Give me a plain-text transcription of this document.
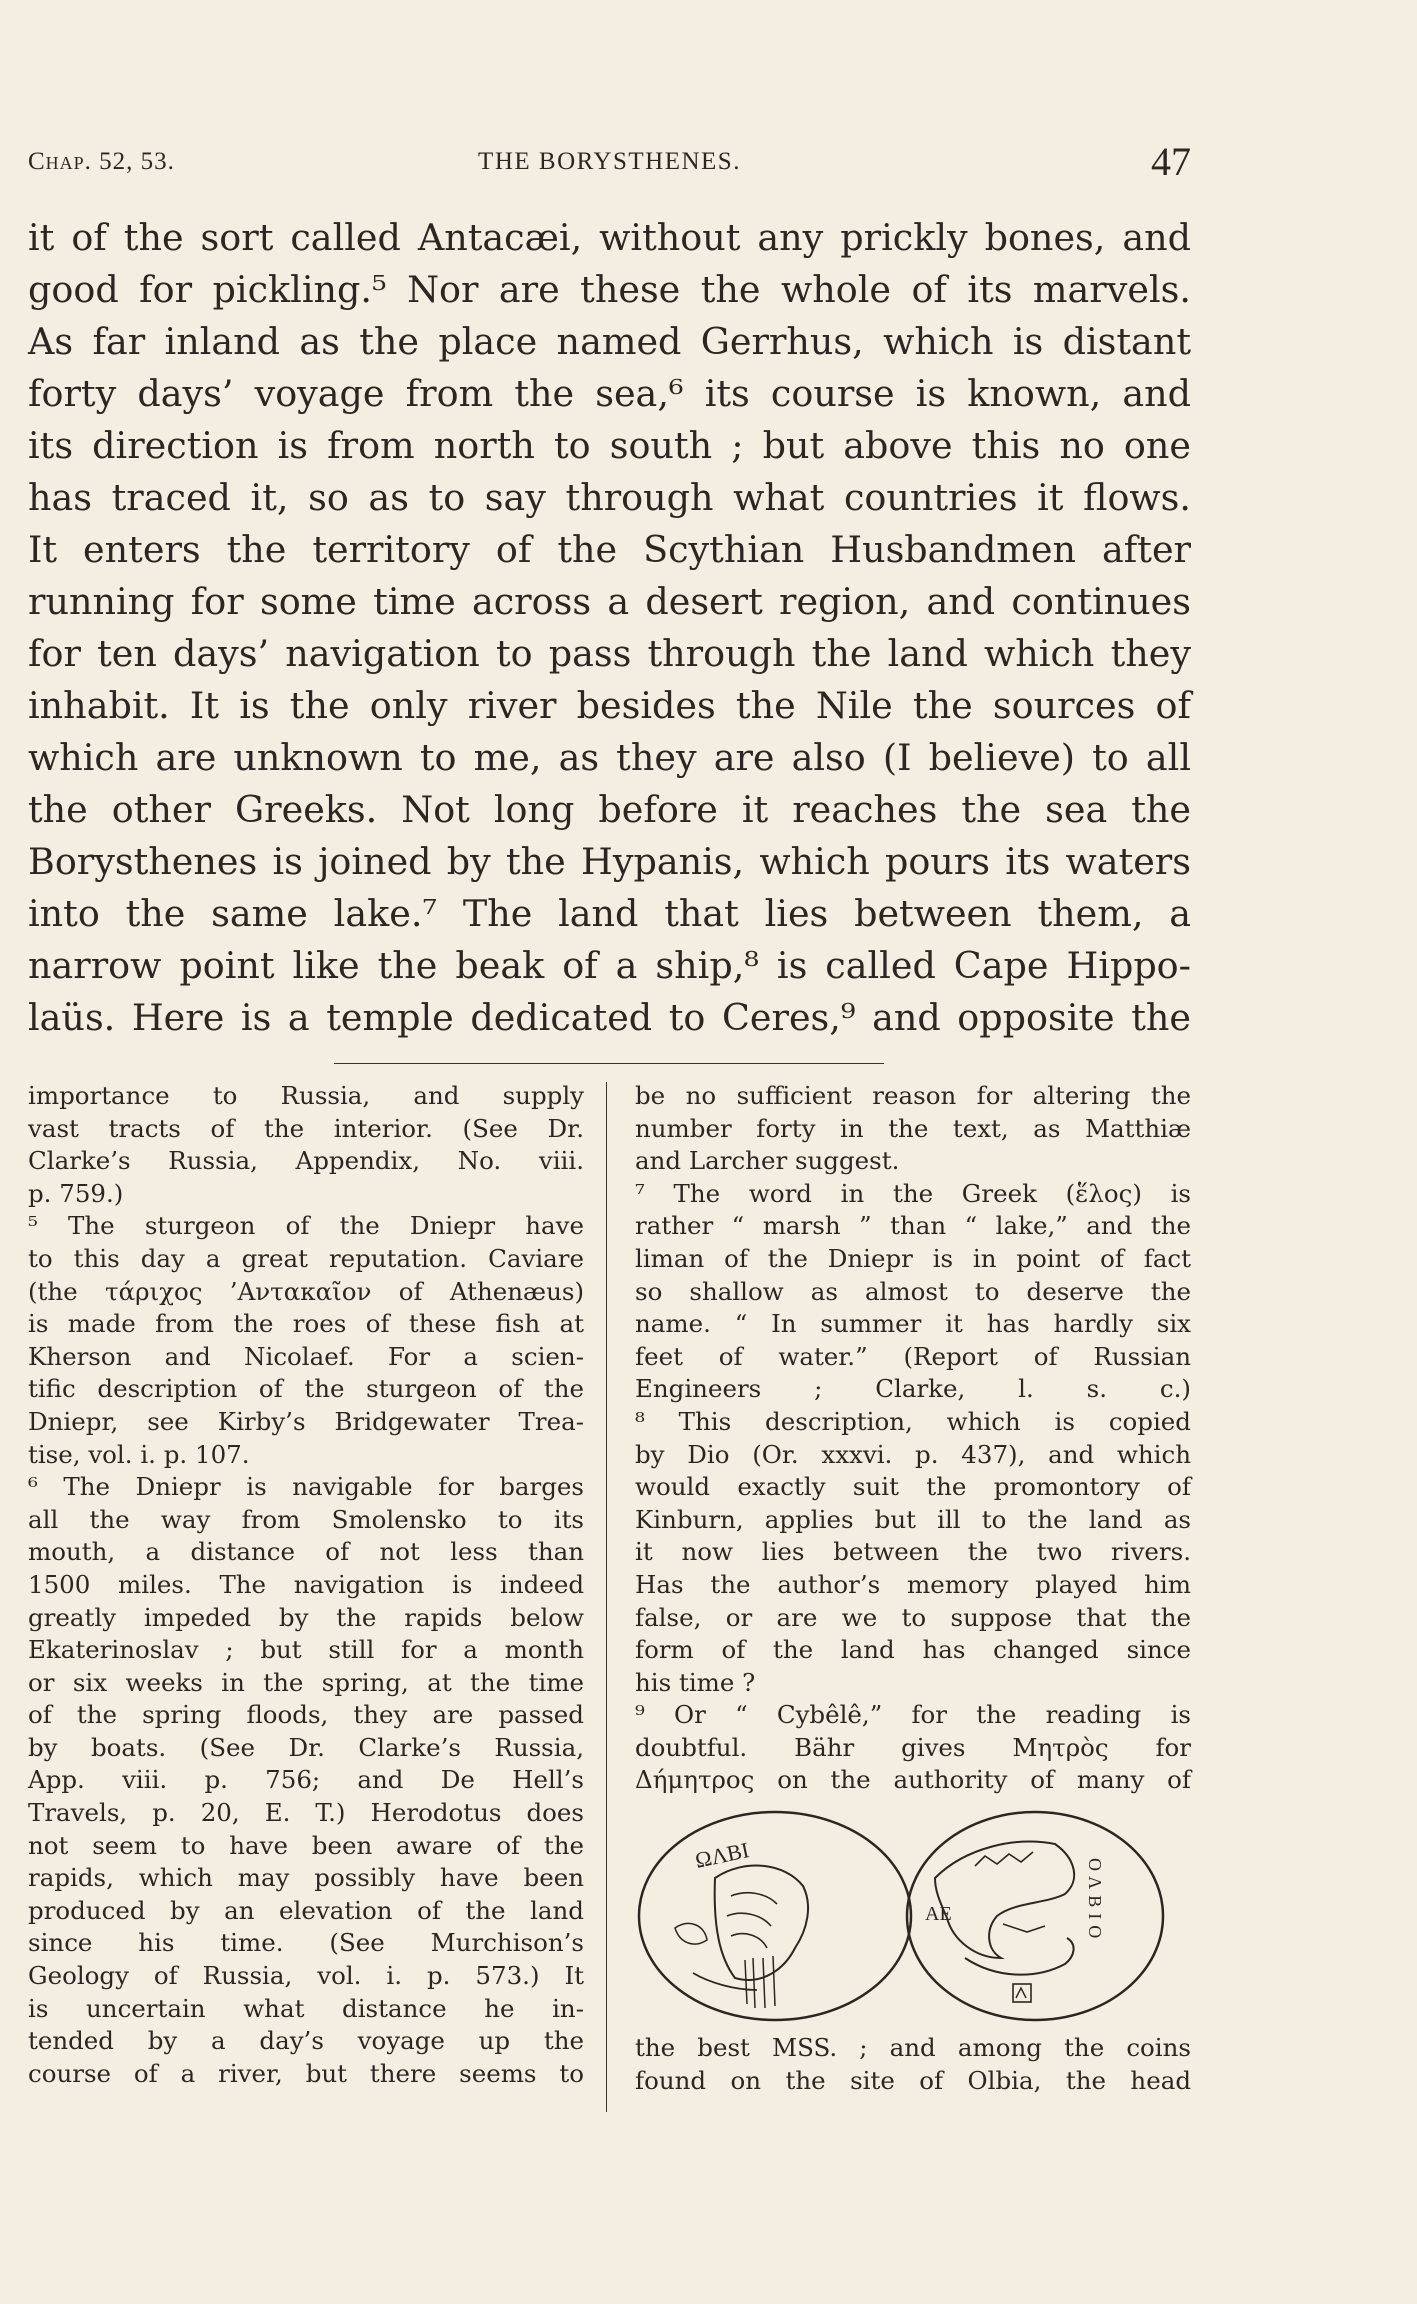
Chap. 52, 53.	THE BORYSTHENES.	47
it of the sort called Antacæi, without any prickly bones, and
good for pickling.⁵ Nor are these the whole of its marvels.
As far inland as the place named Gerrhus, which is distant
forty days’ voyage from the sea,⁶ its course is known, and
its direction is from north to south ; but above this no one
has traced it, so as to say through what countries it flows.
It enters the territory of the Scythian Husbandmen after
running for some time across a desert region, and continues
for ten days’ navigation to pass through the land which they
inhabit. It is the only river besides the Nile the sources of
which are unknown to me, as they are also (I believe) to all
the other Greeks. Not long before it reaches the sea the
Borysthenes is joined by the Hypanis, which pours its waters
into the same lake.⁷ The land that lies between them, a
narrow point like the beak of a ship,⁸ is called Cape Hippo-
laüs. Here is a temple dedicated to Ceres,⁹ and opposite the
importance to Russia, and supply
vast tracts of the interior. (See Dr.
Clarke’s Russia, Appendix, No. viii.
p. 759.)
⁵ The sturgeon of the Dniepr have
to this day a great reputation. Caviare
(the τάριχος ’Ανταкαῖον of Athenæus)
is made from the roes of these fish at
Kherson and Nicolaef. For a scien-
tific description of the sturgeon of the
Dniepr, see Kirby’s Bridgewater Trea-
tise, vol. i. p. 107.
⁶ The Dniepr is navigable for barges
all the way from Smolensko to its
mouth, a distance of not less than
1500 miles. The navigation is indeed
greatly impeded by the rapids below
Ekaterinoslav ; but still for a month
or six weeks in the spring, at the time
of the spring floods, they are passed
by boats. (See Dr. Clarke’s Russia,
App. viii. p. 756; and De Hell’s
Travels, p. 20, E. T.) Herodotus does
not seem to have been aware of the
rapids, which may possibly have been
produced by an elevation of the land
since his time. (See Murchison’s
Geology of Russia, vol. i. p. 573.) It
is uncertain what distance he in-
tended by a day’s voyage up the
course of a river, but there seems to
be no sufficient reason for altering the
number forty in the text, as Matthiæ
and Larcher suggest.
⁷ The word in the Greek (ἕλος) is
rather “ marsh ” than “ lake,” and the
liman of the Dniepr is in point of fact
so shallow as almost to deserve the
name. “ In summer it has hardly six
feet of water.” (Report of Russian
Engineers ; Clarke, l. s. c.)
⁸ This description, which is copied
by Dio (Or. xxxvi. p. 437), and which
would exactly suit the promontory of
Kinburn, applies but ill to the land as
it now lies between the two rivers.
Has the author’s memory played him
false, or are we to suppose that the
form of the land has changed since
his time ?
⁹ Or “ Cybêlê,” for the reading is
doubtful. Bähr gives Μητρὸς for
Δήμητρος on the authority of many of
ΩΛΒΙ
ΑΕ	ΟΛΒΙΟ
the best MSS. ; and among the coins
found on the site of Olbia, the head
